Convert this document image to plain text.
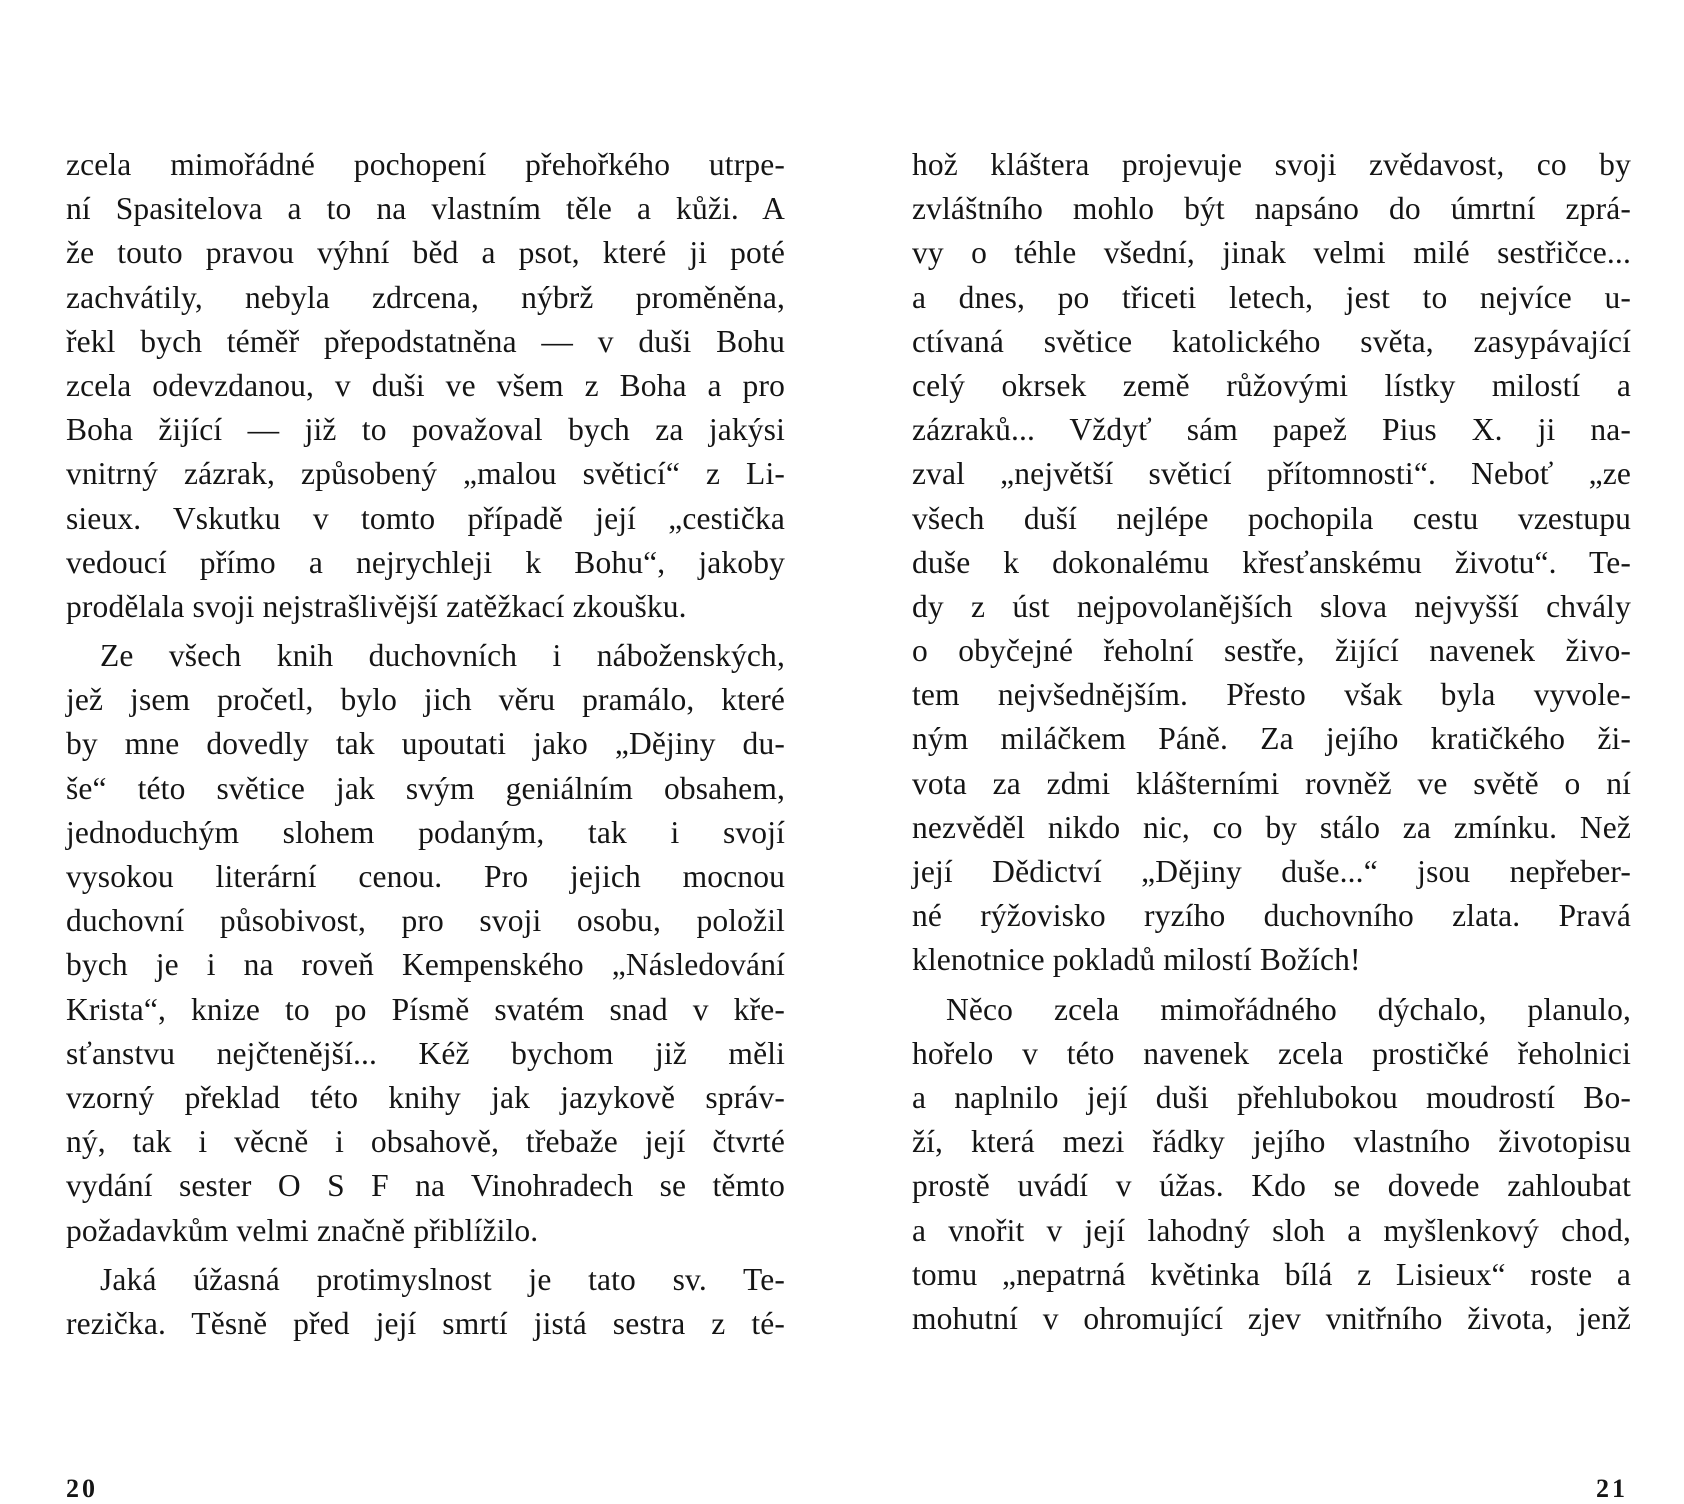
zcela mimořádné pochopení přehořkého utrpe-
ní Spasitelova a to na vlastním těle a kůži. A
že touto pravou výhní běd a psot, které ji poté
zachvátily, nebyla zdrcena, nýbrž proměněna,
řekl bych téměř přepodstatněna — v duši Bohu
zcela odevzdanou, v duši ve všem z Boha a pro
Boha žijící — již to považoval bych za jakýsi
vnitrný zázrak, způsobený „malou světicí“ z Li-
sieux. Vskutku v tomto případě její „cestička
vedoucí přímo a nejrychleji k Bohu“, jakoby
prodělala svoji nejstrašlivější zatěžkací zkoušku.
Ze všech knih duchovních i náboženských,
jež jsem pročetl, bylo jich věru pramálo, které
by mne dovedly tak upoutati jako „Dějiny du-
še“ této světice jak svým geniálním obsahem,
jednoduchým slohem podaným, tak i svojí
vysokou literární cenou. Pro jejich mocnou
duchovní působivost, pro svoji osobu, položil
bych je i na roveň Kempenského „Následování
Krista“, knize to po Písmě svatém snad v kře-
sťanstvu nejčtenější... Kéž bychom již měli
vzorný překlad této knihy jak jazykově správ-
ný, tak i věcně i obsahově, třebaže její čtvrté
vydání sester O S F na Vinohradech se těmto
požadavkům velmi značně přiblížilo.
Jaká úžasná protimyslnost je tato sv. Te-
rezička. Těsně před její smrtí jistá sestra z té-
20
hož kláštera projevuje svoji zvědavost, co by
zvláštního mohlo být napsáno do úmrtní zprá-
vy o téhle všední, jinak velmi milé sestřičce...
a dnes, po třiceti letech, jest to nejvíce u-
ctívaná světice katolického světa, zasypávající
celý okrsek země růžovými lístky milostí a
zázraků... Vždyť sám papež Pius X. ji na-
zval „největší světicí přítomnosti“. Neboť „ze
všech duší nejlépe pochopila cestu vzestupu
duše k dokonalému křesťanskému životu“. Te-
dy z úst nejpovolanějších slova nejvyšší chvály
o obyčejné řeholní sestře, žijící navenek živo-
tem nejvšednějším. Přesto však byla vyvole-
ným miláčkem Páně. Za jejího kratičkého ži-
vota za zdmi klášterními rovněž ve světě o ní
nezvěděl nikdo nic, co by stálo za zmínku. Než
její Dědictví „Dějiny duše...“ jsou nepřeber-
né rýžovisko ryzího duchovního zlata. Pravá
klenotnice pokladů milostí Božích!
Něco zcela mimořádného dýchalo, planulo,
hořelo v této navenek zcela prostičké řeholnici
a naplnilo její duši přehlubokou moudrostí Bo-
ží, která mezi řádky jejího vlastního životopisu
prostě uvádí v úžas. Kdo se dovede zahloubat
a vnořit v její lahodný sloh a myšlenkový chod,
tomu „nepatrná květinka bílá z Lisieux“ roste a
mohutní v ohromující zjev vnitřního života, jenž
21
